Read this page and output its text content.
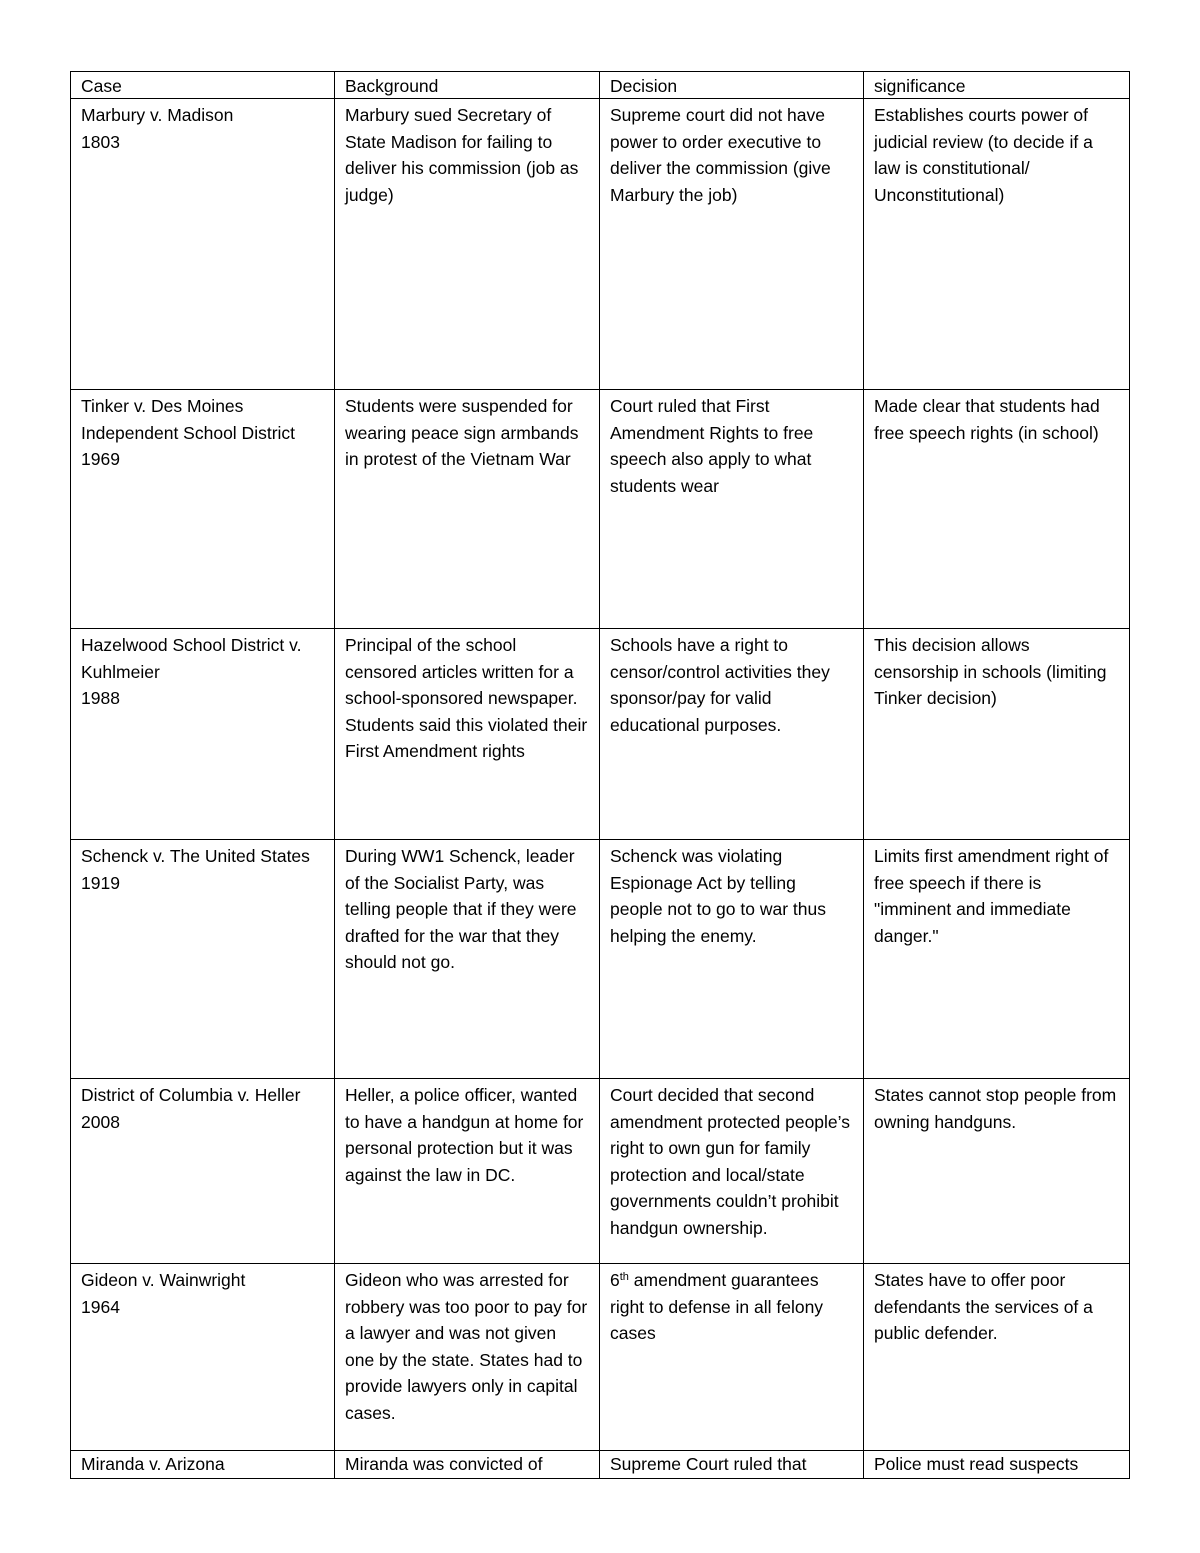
Case	Background	Decision	significance
Marbury v. Madison
1803	Marbury sued Secretary of State Madison for failing to deliver his commission (job as judge)	Supreme court did not have power to order executive to deliver the commission (give Marbury the job)	Establishes courts power of judicial review (to decide if a law is constitutional/ Unconstitutional)
Tinker v. Des Moines Independent School District
1969	Students were suspended for wearing peace sign armbands in protest of the Vietnam War	Court ruled that First Amendment Rights to free speech also apply to what students wear	Made clear that students had free speech rights (in school)
Hazelwood School District v. Kuhlmeier
1988	Principal of the school censored articles written for a school-sponsored newspaper. Students said this violated their First Amendment rights	Schools have a right to censor/control activities they sponsor/pay for valid educational purposes.	This decision allows censorship in schools (limiting Tinker decision)
Schenck v. The United States
1919	During WW1 Schenck, leader of the Socialist Party, was telling people that if they were drafted for the war that they should not go.	Schenck was violating Espionage Act by telling people not to go to war thus helping the enemy.	Limits first amendment right of free speech if there is "imminent and immediate danger."
District of Columbia v. Heller
2008	Heller, a police officer, wanted to have a handgun at home for personal protection but it was against the law in DC.	Court decided that second amendment protected people’s right to own gun for family protection and local/state governments couldn’t prohibit handgun ownership.	States cannot stop people from owning handguns.
Gideon v. Wainwright
1964	Gideon who was arrested for robbery was too poor to pay for a lawyer and was not given one by the state. States had to provide lawyers only in capital cases.	6th amendment guarantees right to defense in all felony cases	States have to offer poor defendants the services of a public defender.
Miranda v. Arizona	Miranda was convicted of	Supreme Court ruled that	Police must read suspects
